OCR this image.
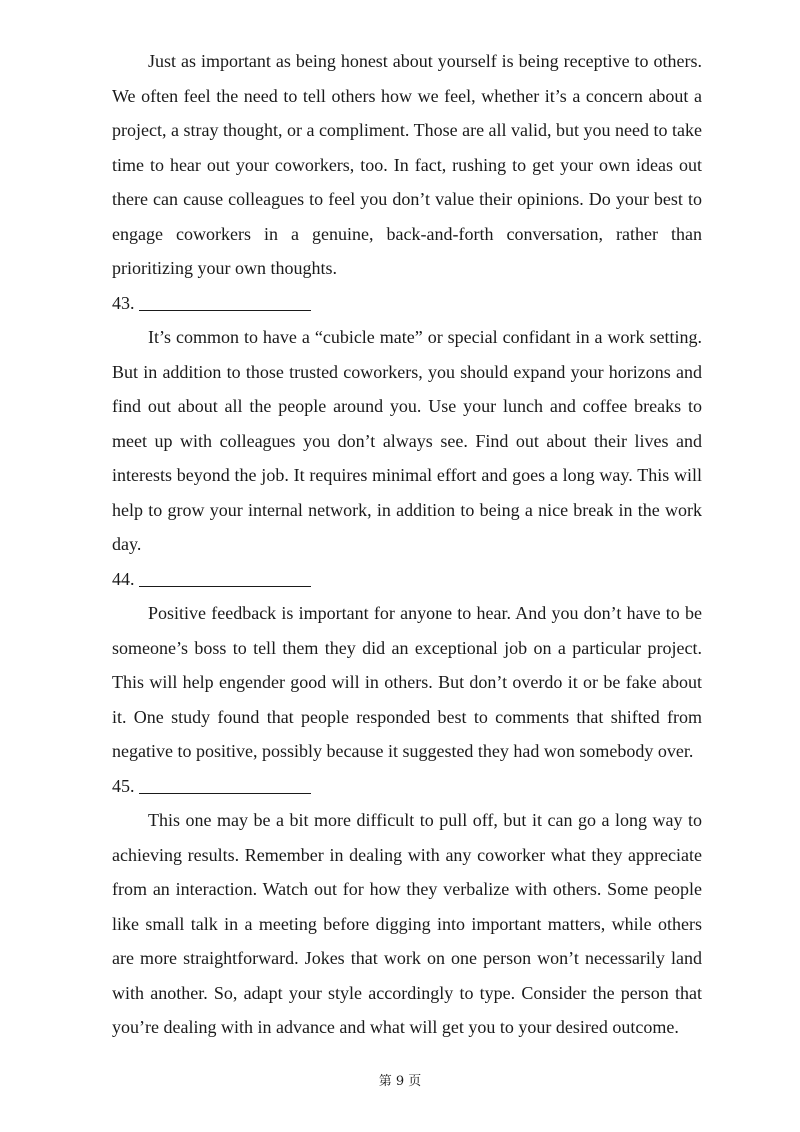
Just as important as being honest about yourself is being receptive to others. We often feel the need to tell others how we feel, whether it’s a concern about a project, a stray thought, or a compliment. Those are all valid, but you need to take time to hear out your coworkers, too. In fact, rushing to get your own ideas out there can cause colleagues to feel you don’t value their opinions. Do your best to engage coworkers in a genuine, back-and-forth conversation, rather than prioritizing your own thoughts.

43.

It’s common to have a “cubicle mate” or special confidant in a work setting. But in addition to those trusted coworkers, you should expand your horizons and find out about all the people around you. Use your lunch and coffee breaks to meet up with colleagues you don’t always see. Find out about their lives and interests beyond the job. It requires minimal effort and goes a long way. This will help to grow your internal network, in addition to being a nice break in the work day.

44.

Positive feedback is important for anyone to hear. And you don’t have to be someone’s boss to tell them they did an exceptional job on a particular project. This will help engender good will in others. But don’t overdo it or be fake about it. One study found that people responded best to comments that shifted from negative to positive, possibly because it suggested they had won somebody over.

45.

This one may be a bit more difficult to pull off, but it can go a long way to achieving results. Remember in dealing with any coworker what they appreciate from an interaction. Watch out for how they verbalize with others. Some people like small talk in a meeting before digging into important matters, while others are more straightforward. Jokes that work on one person won’t necessarily land with another. So, adapt your style accordingly to type. Consider the person that you’re dealing with in advance and what will get you to your desired outcome.

第 9 页
